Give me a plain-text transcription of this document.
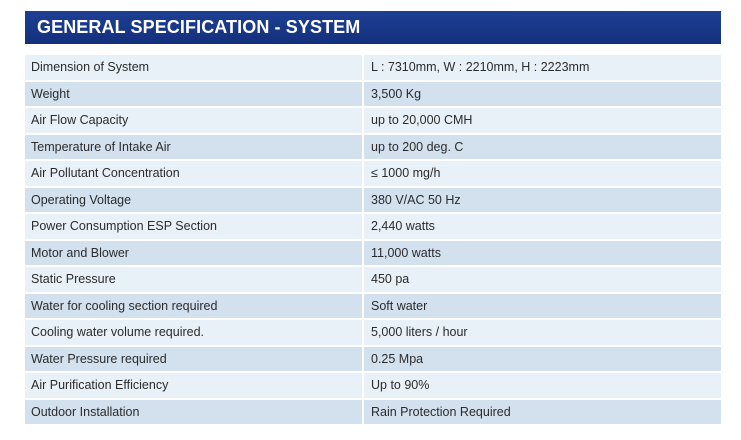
GENERAL SPECIFICATION - SYSTEM
Dimension of System	L : 7310mm, W : 2210mm, H : 2223mm
Weight	3,500 Kg
Air Flow Capacity	up to 20,000 CMH
Temperature of Intake Air	up to 200 deg. C
Air Pollutant Concentration	≤ 1000 mg/h
Operating Voltage	380 V/AC 50 Hz
Power Consumption ESP Section	2,440 watts
Motor and Blower	11,000 watts
Static Pressure	450 pa
Water for cooling section required	Soft water
Cooling water volume required.	5,000 liters / hour
Water Pressure required	0.25 Mpa
Air Purification Efficiency	Up to 90%
Outdoor Installation	Rain Protection Required
